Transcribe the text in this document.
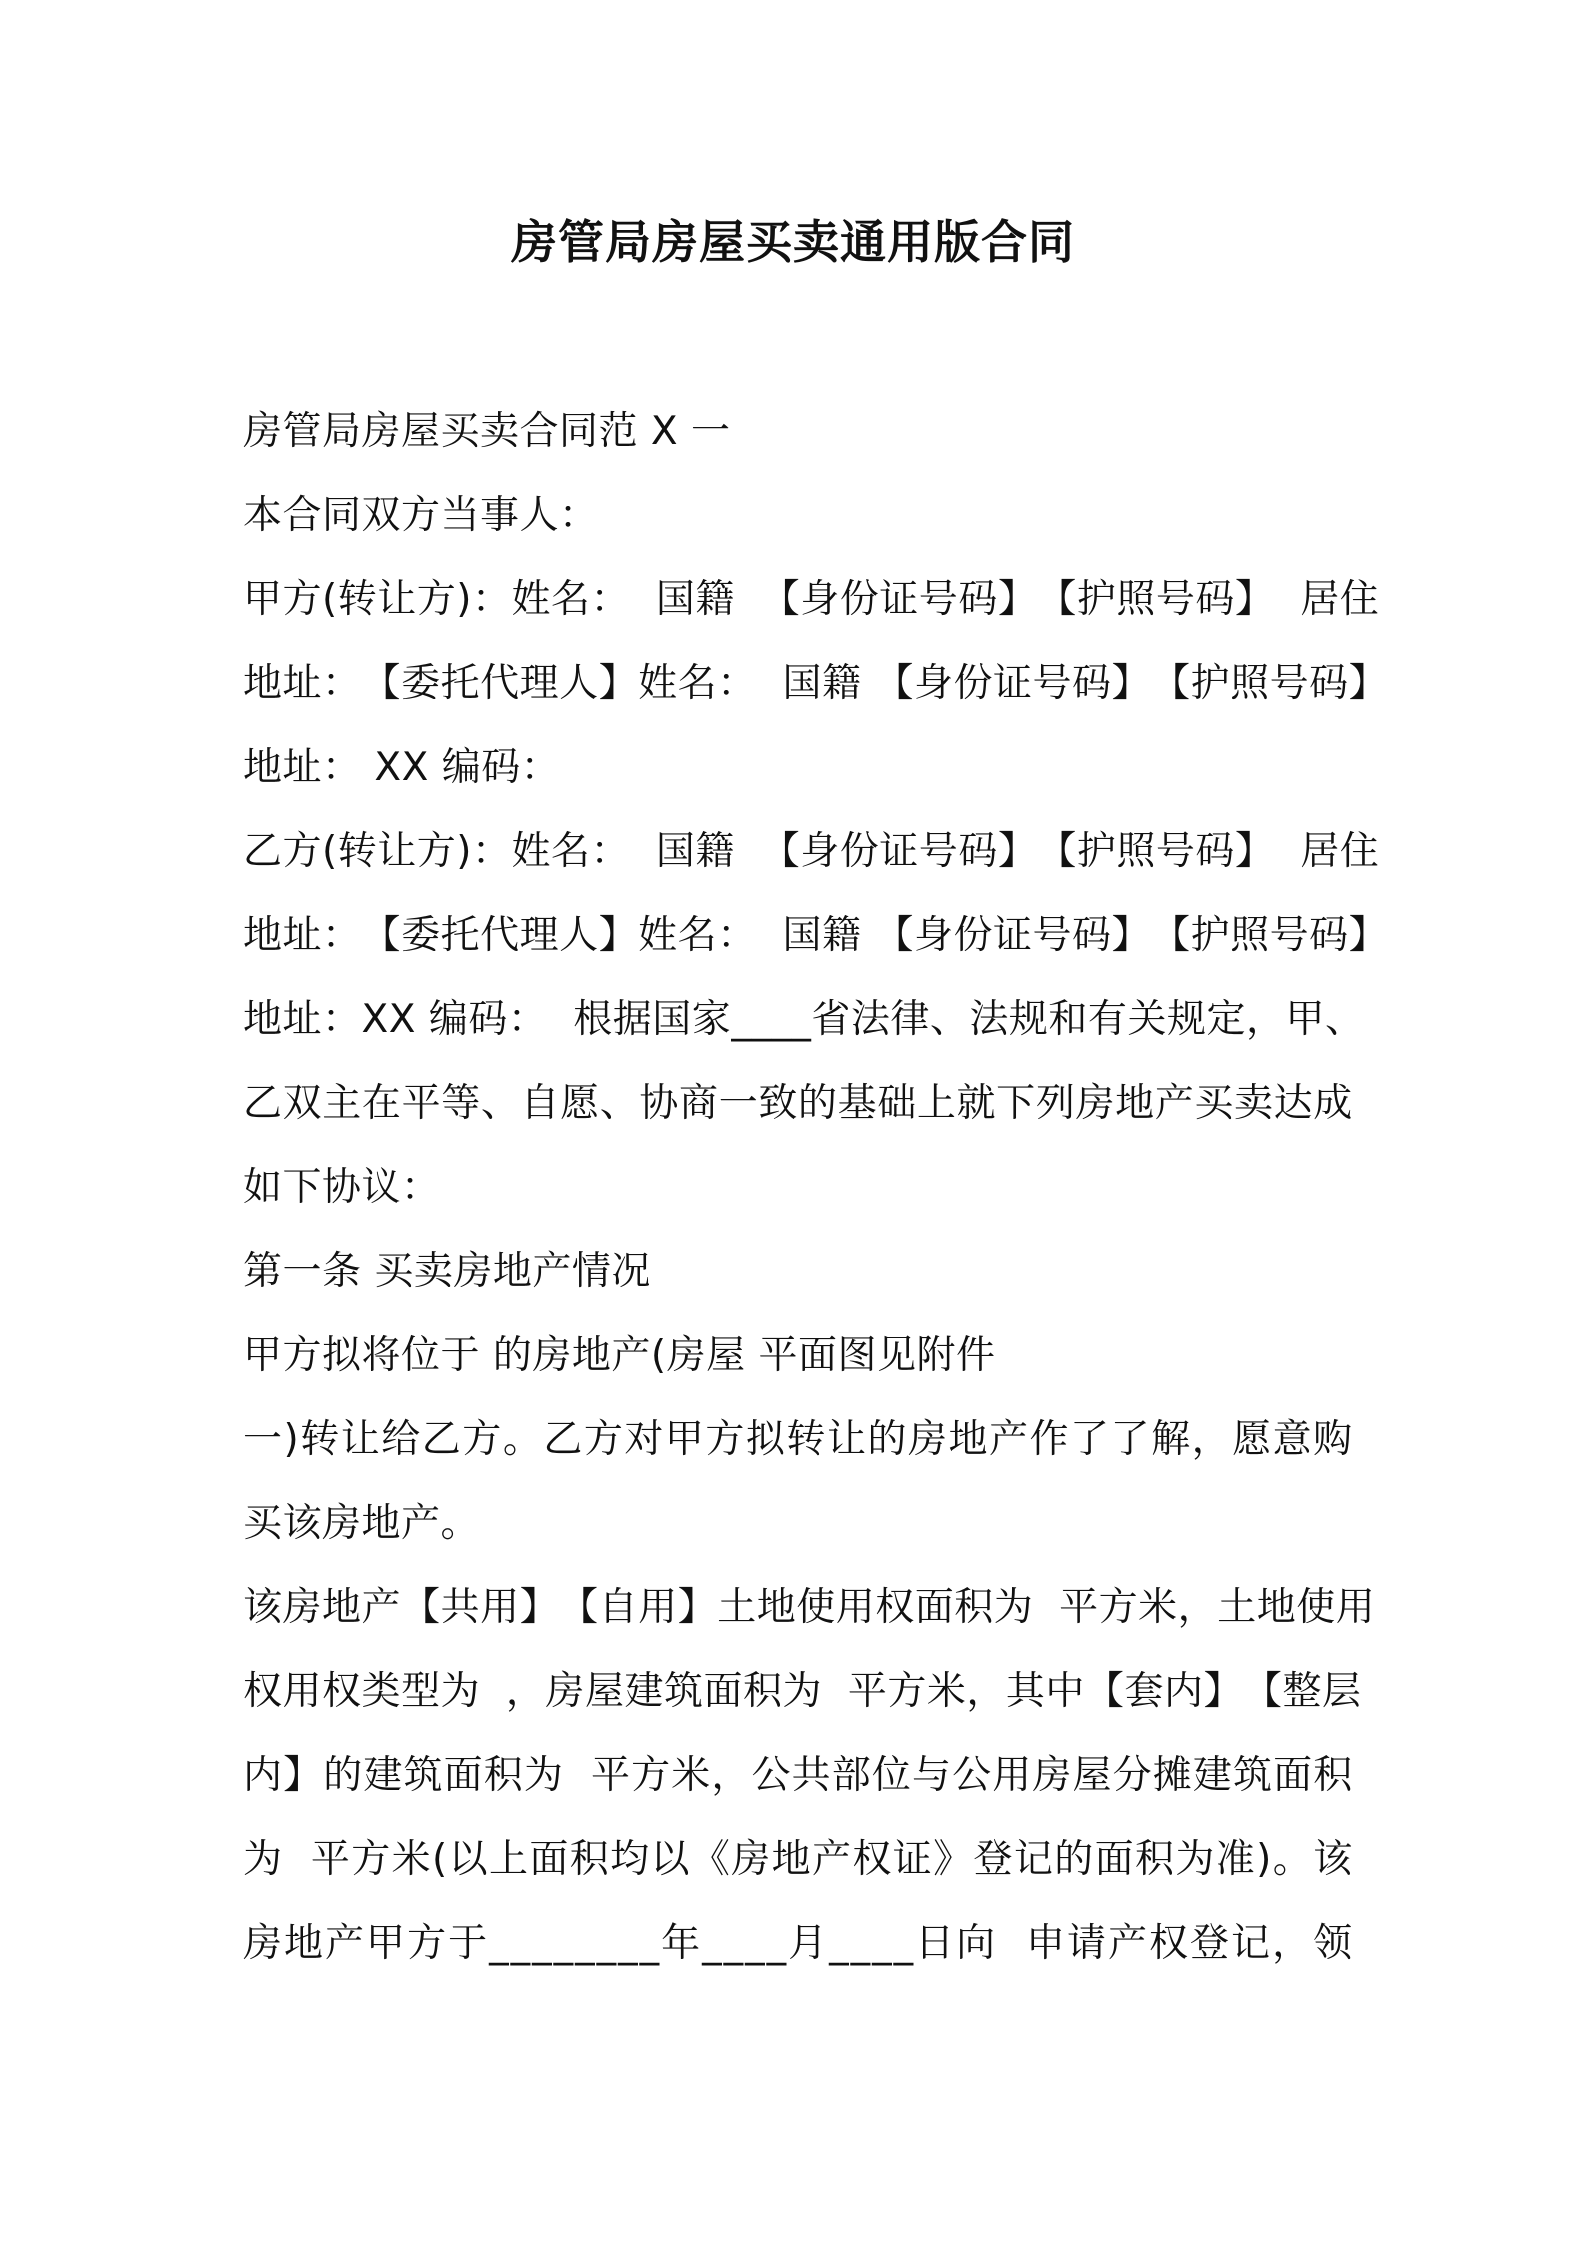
房管局房屋买卖通用版合同
房管局房屋买卖合同范 X 一
本合同双方当事人：
甲 方 ( 转 让 方 ) ： 姓 名 ：

国 籍

【 身 份 证 号 码 】 【 护 照 号 码 】

居 住
地 址 ： 【 委 托 代 理 人 】 姓 名 ：

国 籍
【 身 份 证 号 码 】 【 护 照 号 码 】
地址： XX 编码：
乙 方 ( 转 让 方 ) ： 姓 名 ：

国 籍

【 身 份 证 号 码 】 【 护 照 号 码 】

居 住
地 址 ： 【 委 托 代 理 人 】 姓 名 ：

国 籍
【 身 份 证 号 码 】 【 护 照 号 码 】
地 址 ： X X
编 码 ：

根 据 国 家 _ _ _ _ 省 法 律 、 法 规 和 有 关 规 定 ， 甲 、
乙 双 主 在 平 等 、 自 愿 、 协 商 一 致 的 基 础 上 就 下 列 房 地 产 买 卖 达 成
如下协议：
第一条 买卖房地产情况
甲方拟将位于 的房地产(房屋 平面图见附件
一 ) 转 让 给 乙 方 。 乙 方 对 甲 方 拟 转 让 的 房 地 产 作 了 了 解 ， 愿 意 购
买该房地产。
该 房 地 产 【 共 用 】 【 自 用 】 土 地 使 用 权 面 积 为

平 方 米 ， 土 地 使 用
权 用 权 类 型 为

， 房 屋 建 筑 面 积 为

平 方 米 ， 其 中 【 套 内 】 【 整 层
内 】 的 建 筑 面 积 为

平 方 米 ， 公 共 部 位 与 公 用 房 屋 分 摊 建 筑 面 积
为

平 方 米 ( 以 上 面 积 均 以 《 房 地 产 权 证 》 登 记 的 面 积 为 准 ) 。 该
房 地 产 甲 方 于 _ _ _ _ _ _ _ _ 年 _ _ _ _ 月 _ _ _ _ 日 向

申 请 产 权 登 记 ， 领
